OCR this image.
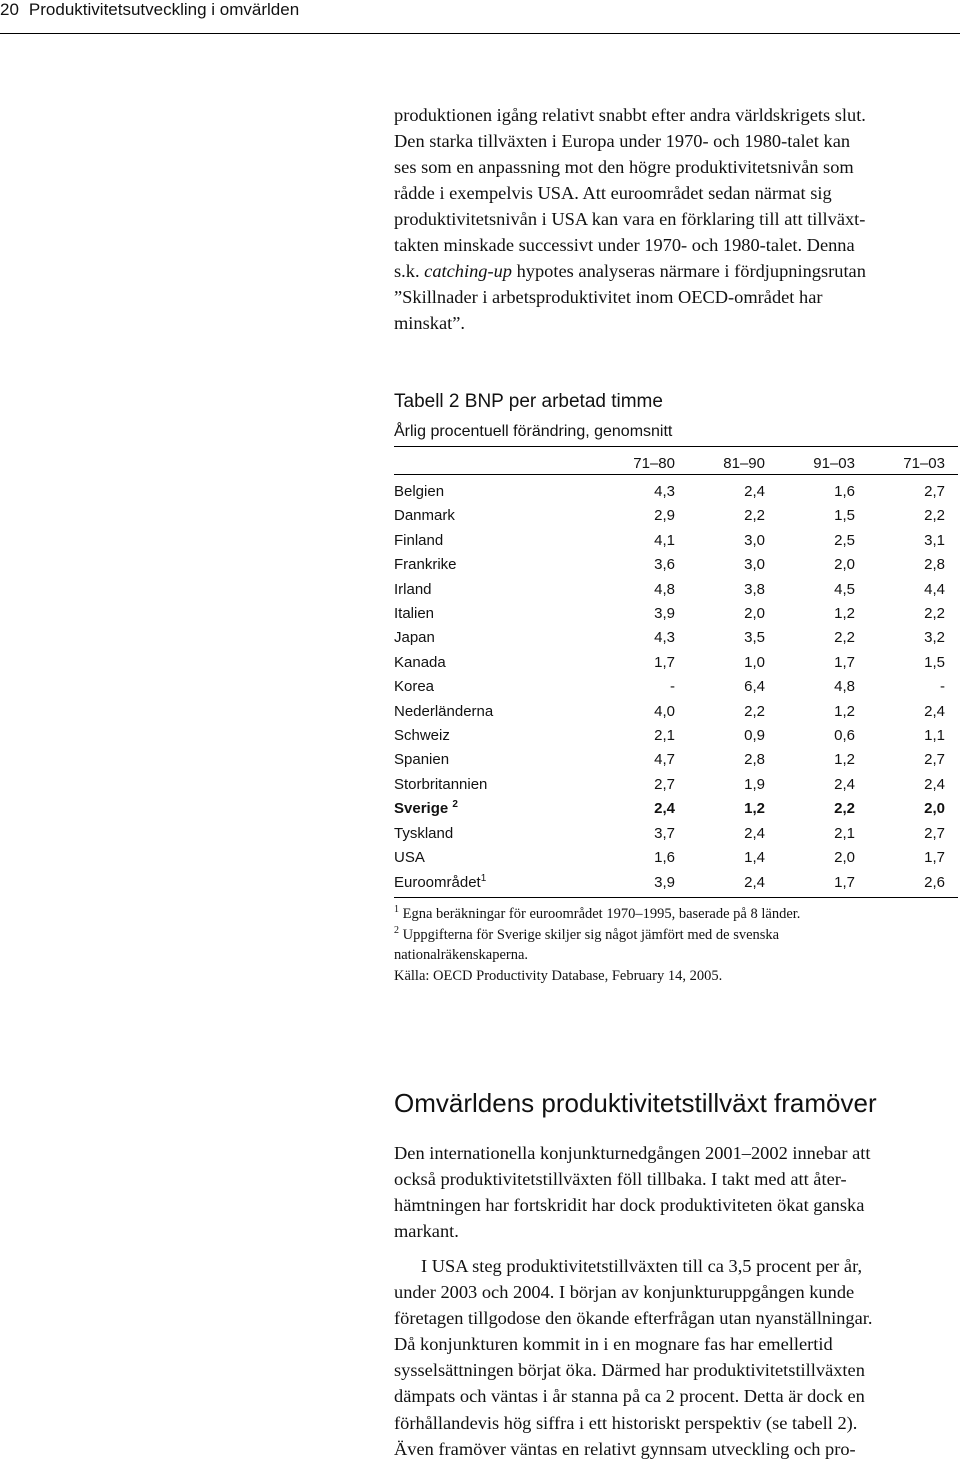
20 Produktivitetsutveckling i omvärlden
produktionen igång relativt snabbt efter andra världskrigets slut.
Den starka tillväxten i Europa under 1970- och 1980-talet kan
ses som en anpassning mot den högre produktivitetsnivån som
rådde i exempelvis USA. Att euroområdet sedan närmat sig
produktivitetsnivån i USA kan vara en förklaring till att tillväxt-
takten minskade successivt under 1970- och 1980-talet. Denna
s.k. catching-up hypotes analyseras närmare i fördjupningsrutan
”Skillnader i arbetsproduktivitet inom OECD-området har
minskat”.
Tabell 2 BNP per arbetad timme
Årlig procentuell förändring, genomsnitt
	71–80	81–90	91–03	71–03
Belgien	4,3	2,4	1,6	2,7
Danmark	2,9	2,2	1,5	2,2
Finland	4,1	3,0	2,5	3,1
Frankrike	3,6	3,0	2,0	2,8
Irland	4,8	3,8	4,5	4,4
Italien	3,9	2,0	1,2	2,2
Japan	4,3	3,5	2,2	3,2
Kanada	1,7	1,0	1,7	1,5
Korea	-	6,4	4,8	-
Nederländerna	4,0	2,2	1,2	2,4
Schweiz	2,1	0,9	0,6	1,1
Spanien	4,7	2,8	1,2	2,7
Storbritannien	2,7	1,9	2,4	2,4
Sverige $^2$	2,4	1,2	2,2	2,0
Tyskland	3,7	2,4	2,1	2,7
USA	1,6	1,4	2,0	1,7
Euroområdet$^1$	3,9	2,4	1,7	2,6
$^1$ Egna beräkningar för euroområdet 1970–1995, baserade på 8 länder.
$^2$ Uppgifterna för Sverige skiljer sig något jämfört med de svenska
nationalräkenskaperna.
Källa: OECD Productivity Database, February 14, 2005.
Omvärldens produktivitetstillväxt framöver
Den internationella konjunkturnedgången 2001–2002 innebar att
också produktivitetstillväxten föll tillbaka. I takt med att åter-
hämtningen har fortskridit har dock produktiviteten ökat ganska
markant.
I USA steg produktivitetstillväxten till ca 3,5 procent per år,
under 2003 och 2004. I början av konjunkturuppgången kunde
företagen tillgodose den ökande efterfrågan utan nyanställningar.
Då konjunkturen kommit in i en mognare fas har emellertid
sysselsättningen börjat öka. Därmed har produktivitetstillväxten
dämpats och väntas i år stanna på ca 2 procent. Detta är dock en
förhållandevis hög siffra i ett historiskt perspektiv (se tabell 2).
Även framöver väntas en relativt gynnsam utveckling och pro-
